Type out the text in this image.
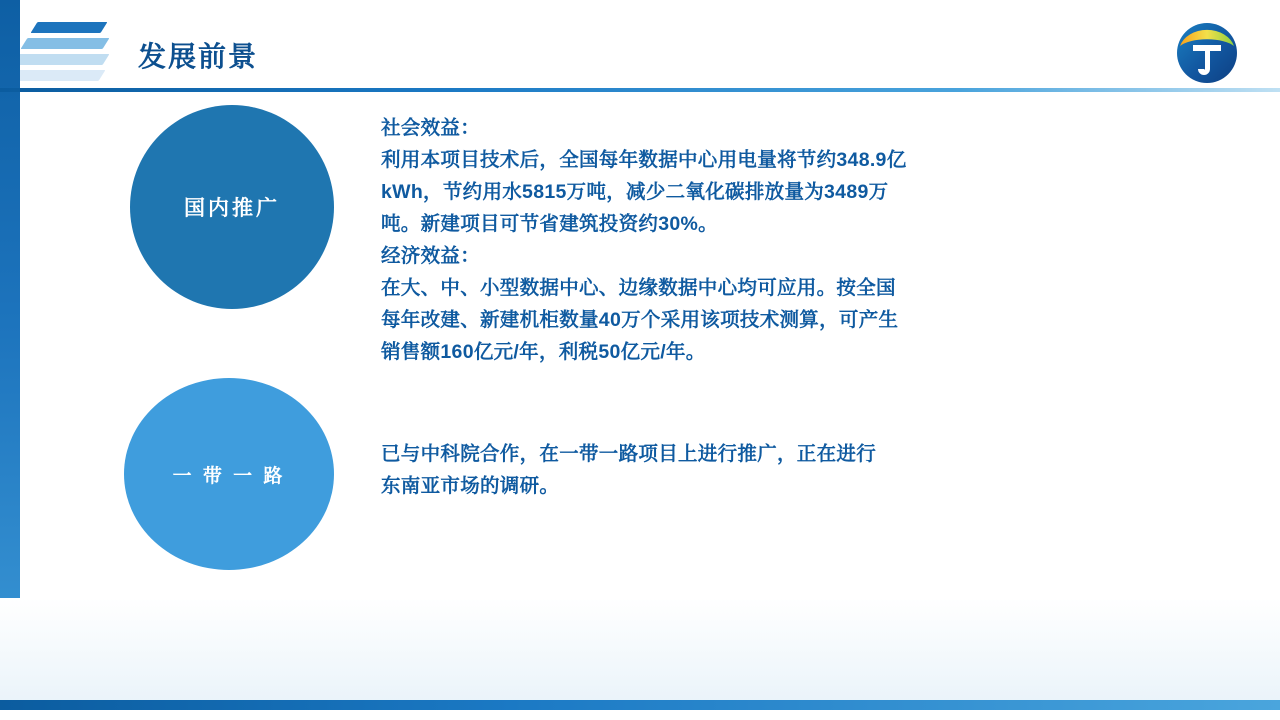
发展前景
国内推广
一 带 一 路

社会效益：

利用本项目技术后，全国每年数据中心用电量将节约348.9亿

kWh，节约用水5815万吨，减少二氧化碳排放量为3489万

吨。新建项目可节省建筑投资约30%。

经济效益：

在大、中、小型数据中心、边缘数据中心均可应用。按全国

每年改建、新建机柜数量40万个采用该项技术测算，可产生

销售额160亿元/年，利税50亿元/年。

已与中科院合作，在一带一路项目上进行推广，正在进行

东南亚市场的调研。
